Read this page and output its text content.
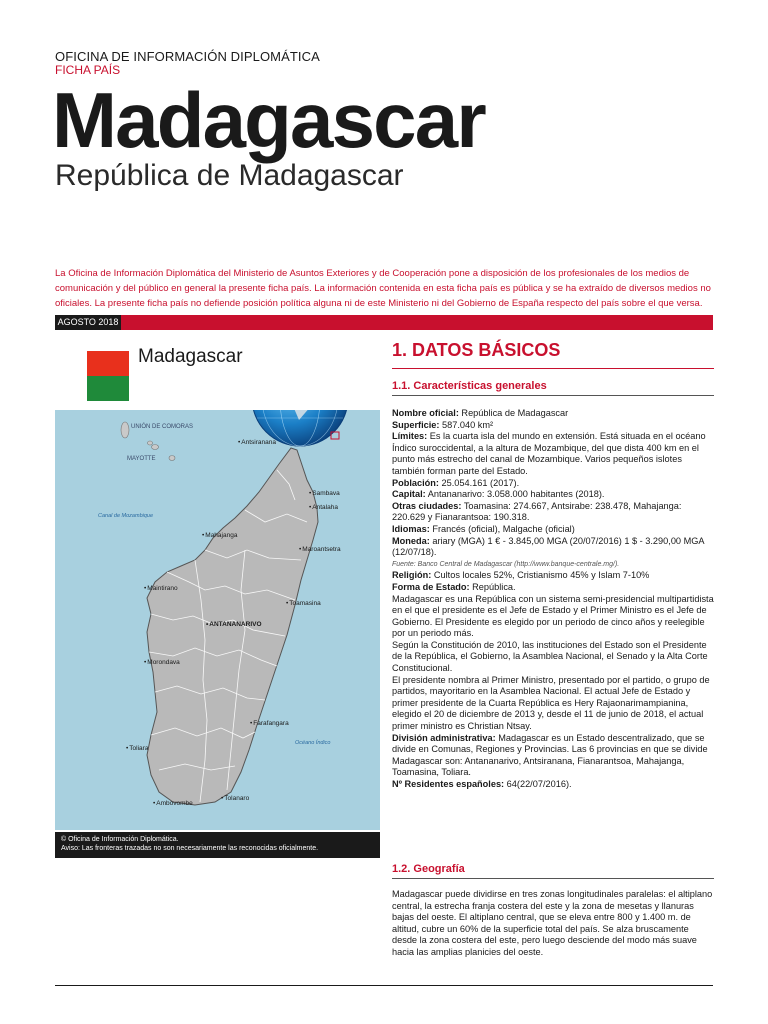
OFICINA DE INFORMACIÓN DIPLOMÁTICA
FICHA PAÍS
Madagascar
República de Madagascar

La Oficina de Información Diplomática del Ministerio de Asuntos Exteriores y de Cooperación pone a disposición de los profesionales de los medios de comunicación y del público en general la presente ficha país. La información contenida en esta ficha país es pública y se ha extraído de diversos medios no oficiales. La presente ficha país no defiende posición política alguna ni de este Ministerio ni del Gobierno de España respecto del país sobre el que versa.

AGOSTO 2018
Madagascar
UNIÓN DE COMORAS
MAYOTTE
Canal de Mozambique
Océano Índico
• Antsiranana
• Sambava
• Antalaha
• Mahajanga
• Maroantsetra
• Maintirano
• Toamasina
• ANTANANARIVO
• Morondava
• Farafangara
• Toliara
• Tolanaro
• Ambovombe
© Oficina de Información Diplomática.
Aviso: Las fronteras trazadas no son necesariamente las reconocidas oficialmente.
1. DATOS BÁSICOS
1.1. Características generales

Nombre oficial: República de Madagascar

Superficie: 587.040 km²

Límites: Es la cuarta isla del mundo en extensión. Está situada en el océano Índico suroccidental, a la altura de Mozambique, del que dista 400 km en el punto más estrecho del canal de Mozambique. Varios pequeños islotes también forman parte del Estado.

Población: 25.054.161 (2017).

Capital: Antananarivo: 3.058.000 habitantes (2018).

Otras ciudades: Toamasina: 274.667, Antsirabe: 238.478, Mahajanga: 220.629 y Fianarantsoa: 190.318.

Idiomas: Francés (oficial), Malgache (oficial)

Moneda: ariary (MGA) 1 € - 3.845,00 MGA (20/07/2016) 1 $ - 3.290,00 MGA (12/07/18).

Fuente: Banco Central de Madagascar (http://www.banque-centrale.mg/).

Religión: Cultos locales 52%, Cristianismo 45% y Islam 7-10%

Forma de Estado: República.

Madagascar es una República con un sistema semi-presidencial multipartidista en el que el presidente es el Jefe de Estado y el Primer Ministro es el Jefe de Gobierno. El Presidente es elegido por un periodo de cinco años y reelegible por un periodo más.

Según la Constitución de 2010, las instituciones del Estado son el Presidente de la República, el Gobierno, la Asamblea Nacional, el Senado y la Alta Corte Constitucional.

El presidente nombra al Primer Ministro, presentado por el partido, o grupo de partidos, mayoritario en la Asamblea Nacional. El actual Jefe de Estado y primer presidente de la Cuarta República es Hery Rajaonarimampianina, elegido el 20 de diciembre de 2013 y, desde el 11 de junio de 2018, el actual primer ministro es Christian Ntsay.

División administrativa: Madagascar es un Estado descentralizado, que se divide en Comunas, Regiones y Provincias. Las 6 provincias en que se divide Madagascar son: Antananarivo, Antsiranana, Fianarantsoa, Mahajanga, Toamasina, Toliara.

Nº Residentes españoles: 64(22/07/2016).

1.2. Geografía

Madagascar puede dividirse en tres zonas longitudinales paralelas: el altiplano central, la estrecha franja costera del este y la zona de mesetas y llanuras bajas del oeste. El altiplano central, que se eleva entre 800 y 1.400 m. de altitud, cubre un 60% de la superficie total del país. Se alza bruscamente desde la zona costera del este, pero luego desciende del modo más suave hacia las amplias planicies del oeste.
